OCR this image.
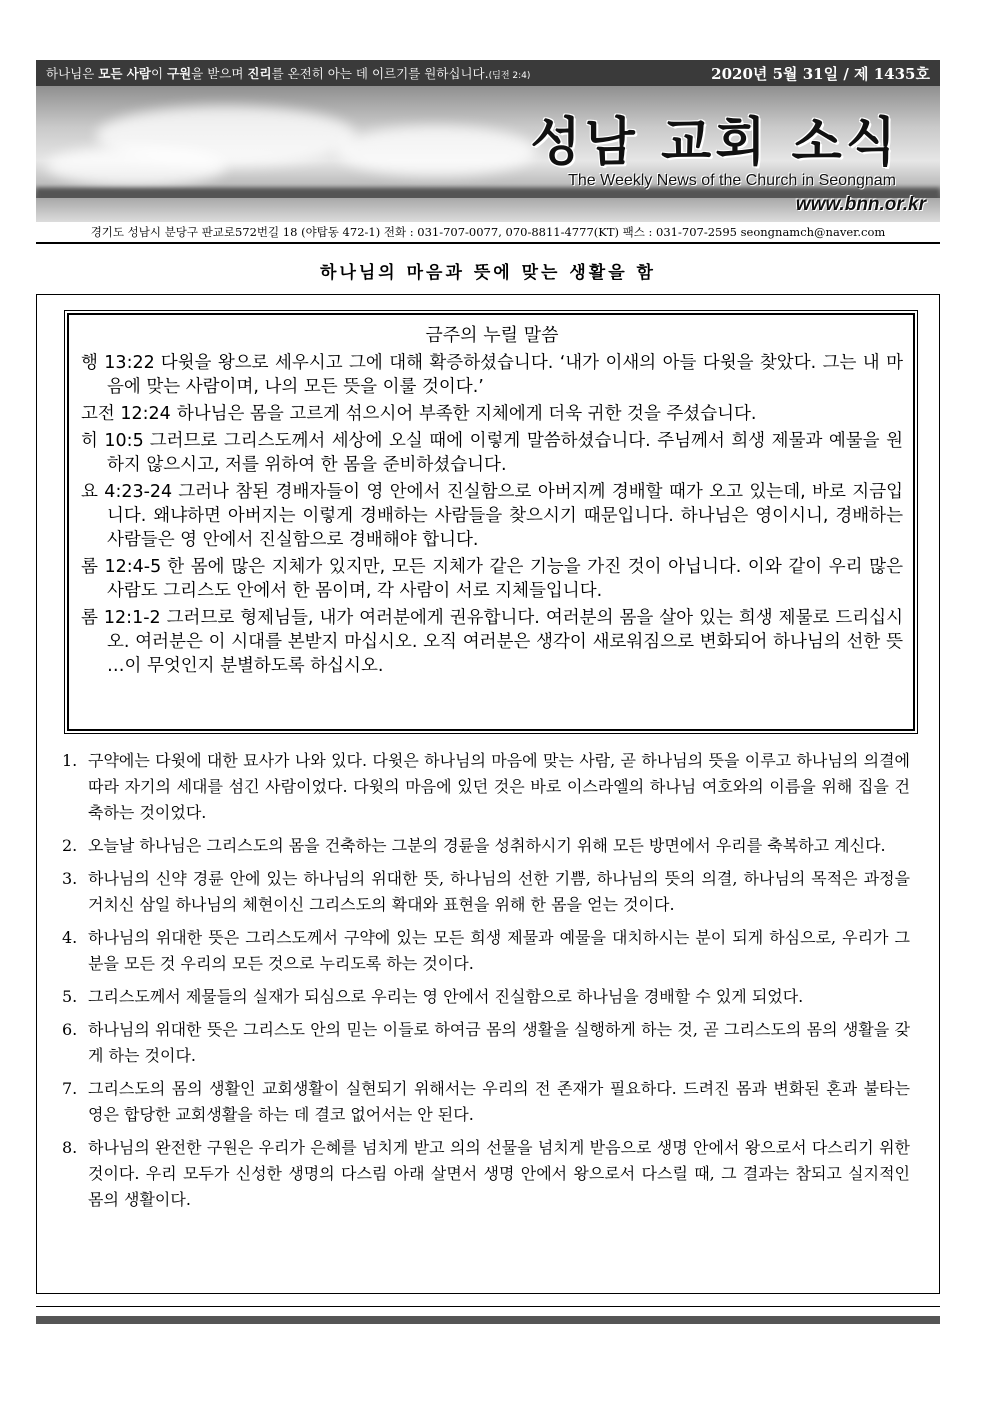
하나님은 모든 사람이 구원을 받으며 진리를 온전히 아는 데 이르기를 원하십니다.(딤전 2:4)	2020년 5월 31일 / 제 1435호
성남 교회 소식
The Weekly News of the Church in Seongnam
www.bnn.or.kr
경기도 성남시 분당구 판교로572번길 18 (야탑동 472-1) 전화 : 031-707-0077, 070-8811-4777(KT) 팩스 : 031-707-2595 seongnamch@naver.com
하나님의 마음과 뜻에 맞는 생활을 함
금주의 누릴 말씀
행 13:22 다윗을 왕으로 세우시고 그에 대해 확증하셨습니다. ‘내가 이새의 아들 다윗을 찾았다. 그는 내 마음에 맞는 사람이며, 나의 모든 뜻을 이룰 것이다.’
고전 12:24 하나님은 몸을 고르게 섞으시어 부족한 지체에게 더욱 귀한 것을 주셨습니다.
히 10:5 그러므로 그리스도께서 세상에 오실 때에 이렇게 말씀하셨습니다. 주님께서 희생 제물과 예물을 원하지 않으시고, 저를 위하여 한 몸을 준비하셨습니다.
요 4:23-24 그러나 참된 경배자들이 영 안에서 진실함으로 아버지께 경배할 때가 오고 있는데, 바로 지금입니다. 왜냐하면 아버지는 이렇게 경배하는 사람들을 찾으시기 때문입니다. 하나님은 영이시니, 경배하는 사람들은 영 안에서 진실함으로 경배해야 합니다.
롬 12:4-5 한 몸에 많은 지체가 있지만, 모든 지체가 같은 기능을 가진 것이 아닙니다. 이와 같이 우리 많은 사람도 그리스도 안에서 한 몸이며, 각 사람이 서로 지체들입니다.
롬 12:1-2 그러므로 형제님들, 내가 여러분에게 권유합니다. 여러분의 몸을 살아 있는 희생 제물로 드리십시오. 여러분은 이 시대를 본받지 마십시오. 오직 여러분은 생각이 새로워짐으로 변화되어 하나님의 선한 뜻 …이 무엇인지 분별하도록 하십시오.
1. 구약에는 다윗에 대한 묘사가 나와 있다. 다윗은 하나님의 마음에 맞는 사람, 곧 하나님의 뜻을 이루고 하나님의 의결에 따라 자기의 세대를 섬긴 사람이었다. 다윗의 마음에 있던 것은 바로 이스라엘의 하나님 여호와의 이름을 위해 집을 건축하는 것이었다.
2. 오늘날 하나님은 그리스도의 몸을 건축하는 그분의 경륜을 성취하시기 위해 모든 방면에서 우리를 축복하고 계신다.
3. 하나님의 신약 경륜 안에 있는 하나님의 위대한 뜻, 하나님의 선한 기쁨, 하나님의 뜻의 의결, 하나님의 목적은 과정을 거치신 삼일 하나님의 체현이신 그리스도의 확대와 표현을 위해 한 몸을 얻는 것이다.
4. 하나님의 위대한 뜻은 그리스도께서 구약에 있는 모든 희생 제물과 예물을 대치하시는 분이 되게 하심으로, 우리가 그분을 모든 것 우리의 모든 것으로 누리도록 하는 것이다.
5. 그리스도께서 제물들의 실재가 되심으로 우리는 영 안에서 진실함으로 하나님을 경배할 수 있게 되었다.
6. 하나님의 위대한 뜻은 그리스도 안의 믿는 이들로 하여금 몸의 생활을 실행하게 하는 것, 곧 그리스도의 몸의 생활을 갖게 하는 것이다.
7. 그리스도의 몸의 생활인 교회생활이 실현되기 위해서는 우리의 전 존재가 필요하다. 드려진 몸과 변화된 혼과 불타는 영은 합당한 교회생활을 하는 데 결코 없어서는 안 된다.
8. 하나님의 완전한 구원은 우리가 은혜를 넘치게 받고 의의 선물을 넘치게 받음으로 생명 안에서 왕으로서 다스리기 위한 것이다. 우리 모두가 신성한 생명의 다스림 아래 살면서 생명 안에서 왕으로서 다스릴 때, 그 결과는 참되고 실지적인 몸의 생활이다.
